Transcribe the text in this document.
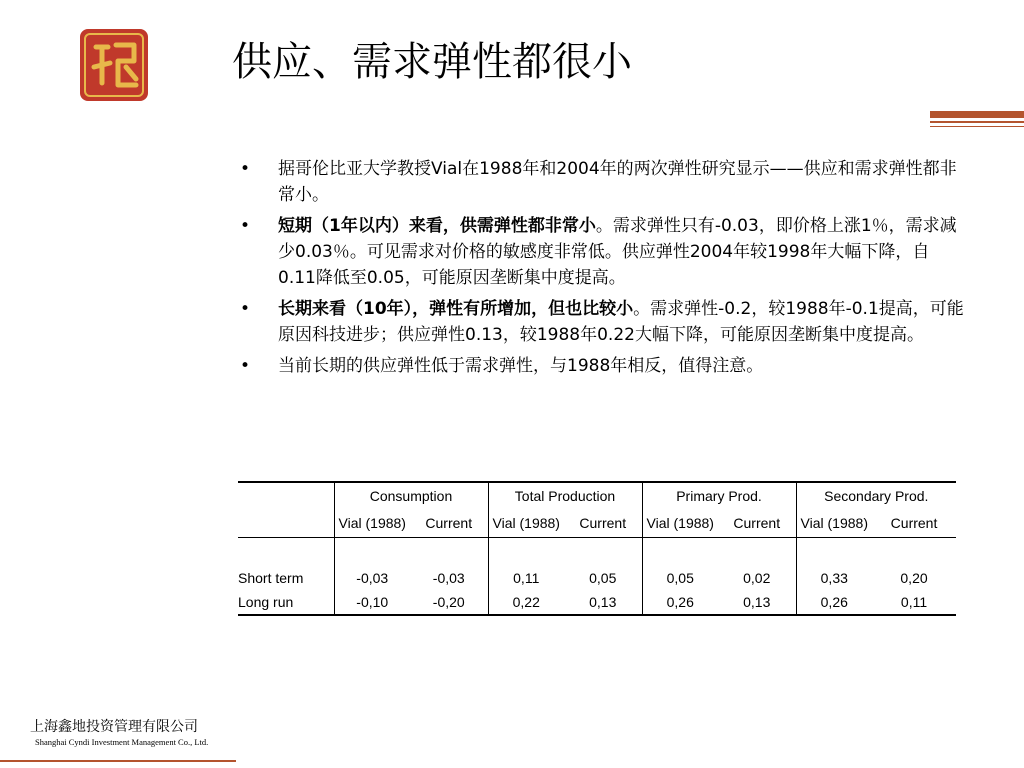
供应、需求弹性都很小
•	据哥伦比亚大学教授Vial在1988年和2004年的两次弹性研究显示——供应和需求弹性都非常小。
•	短期（1年以内）来看，供需弹性都非常小。需求弹性只有-0.03，即价格上涨1％，需求减少0.03％。可见需求对价格的敏感度非常低。供应弹性2004年较1998年大幅下降，自0.11降低至0.05，可能原因垄断集中度提高。
•	长期来看（10年），弹性有所增加，但也比较小。需求弹性-0.2，较1988年-0.1提高，可能原因科技进步；供应弹性0.13，较1988年0.22大幅下降，可能原因垄断集中度提高。
•	当前长期的供应弹性低于需求弹性，与1988年相反，值得注意。
	Consumption		Total Production		Primary Prod.		Secondary Prod.	
	Vial (1988)	Current	Vial (1988)	Current	Vial (1988)	Current	Vial (1988)	Current

Short term	-0,03	-0,03	0,11	0,05	0,05	0,02	0,33	0,20
Long run	-0,10	-0,20	0,22	0,13	0,26	0,13	0,26	0,11
上海鑫地投资管理有限公司
Shanghai Cyndi Investment Management Co., Ltd.
